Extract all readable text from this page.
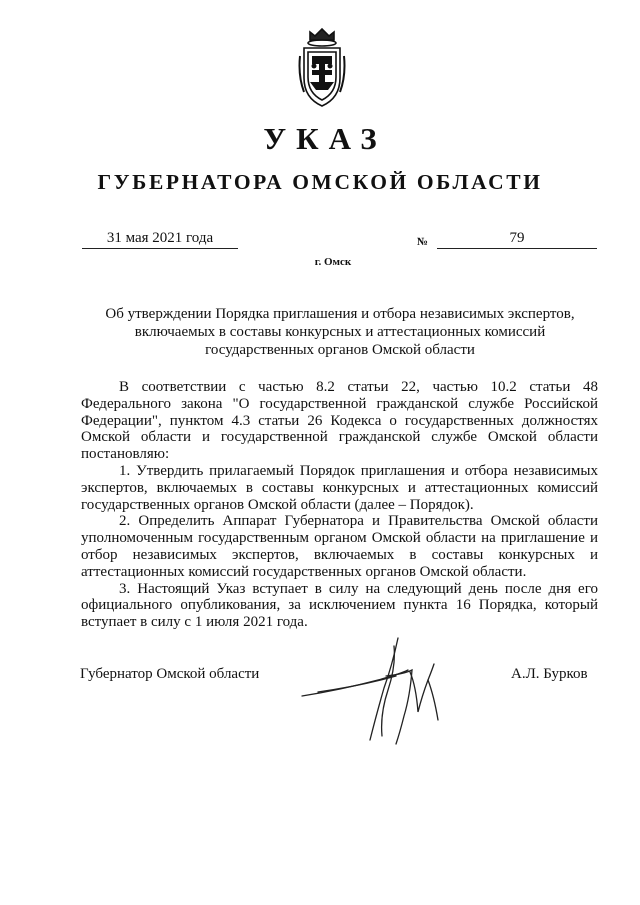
УКАЗ
ГУБЕРНАТОРА ОМСКОЙ ОБЛАСТИ
31 мая 2021 года	№	79
г. Омск
Об утверждении Порядка приглашения и отбора независимых экспертов,
включаемых в составы конкурсных и аттестационных комиссий
государственных органов Омской области

В соответствии с частью 8.2 статьи 22, частью 10.2 статьи 48 Федерального закона "О государственной гражданской службе Российской Федерации", пунктом 4.3 статьи 26 Кодекса о государственных должностях Омской области и государственной гражданской службе Омской области постановляю:

1. Утвердить прилагаемый Порядок приглашения и отбора независимых экспертов, включаемых в составы конкурсных и аттестационных комиссий государственных органов Омской области (далее – Порядок).

2. Определить Аппарат Губернатора и Правительства Омской области уполномоченным государственным органом Омской области на приглашение и отбор независимых экспертов, включаемых в составы конкурсных и аттестационных комиссий государственных органов Омской области.

3. Настоящий Указ вступает в силу на следующий день после дня его официального опубликования, за исключением пункта 16 Порядка, который вступает в силу с 1 июля 2021 года.

Губернатор Омской области	А.Л. Бурков
